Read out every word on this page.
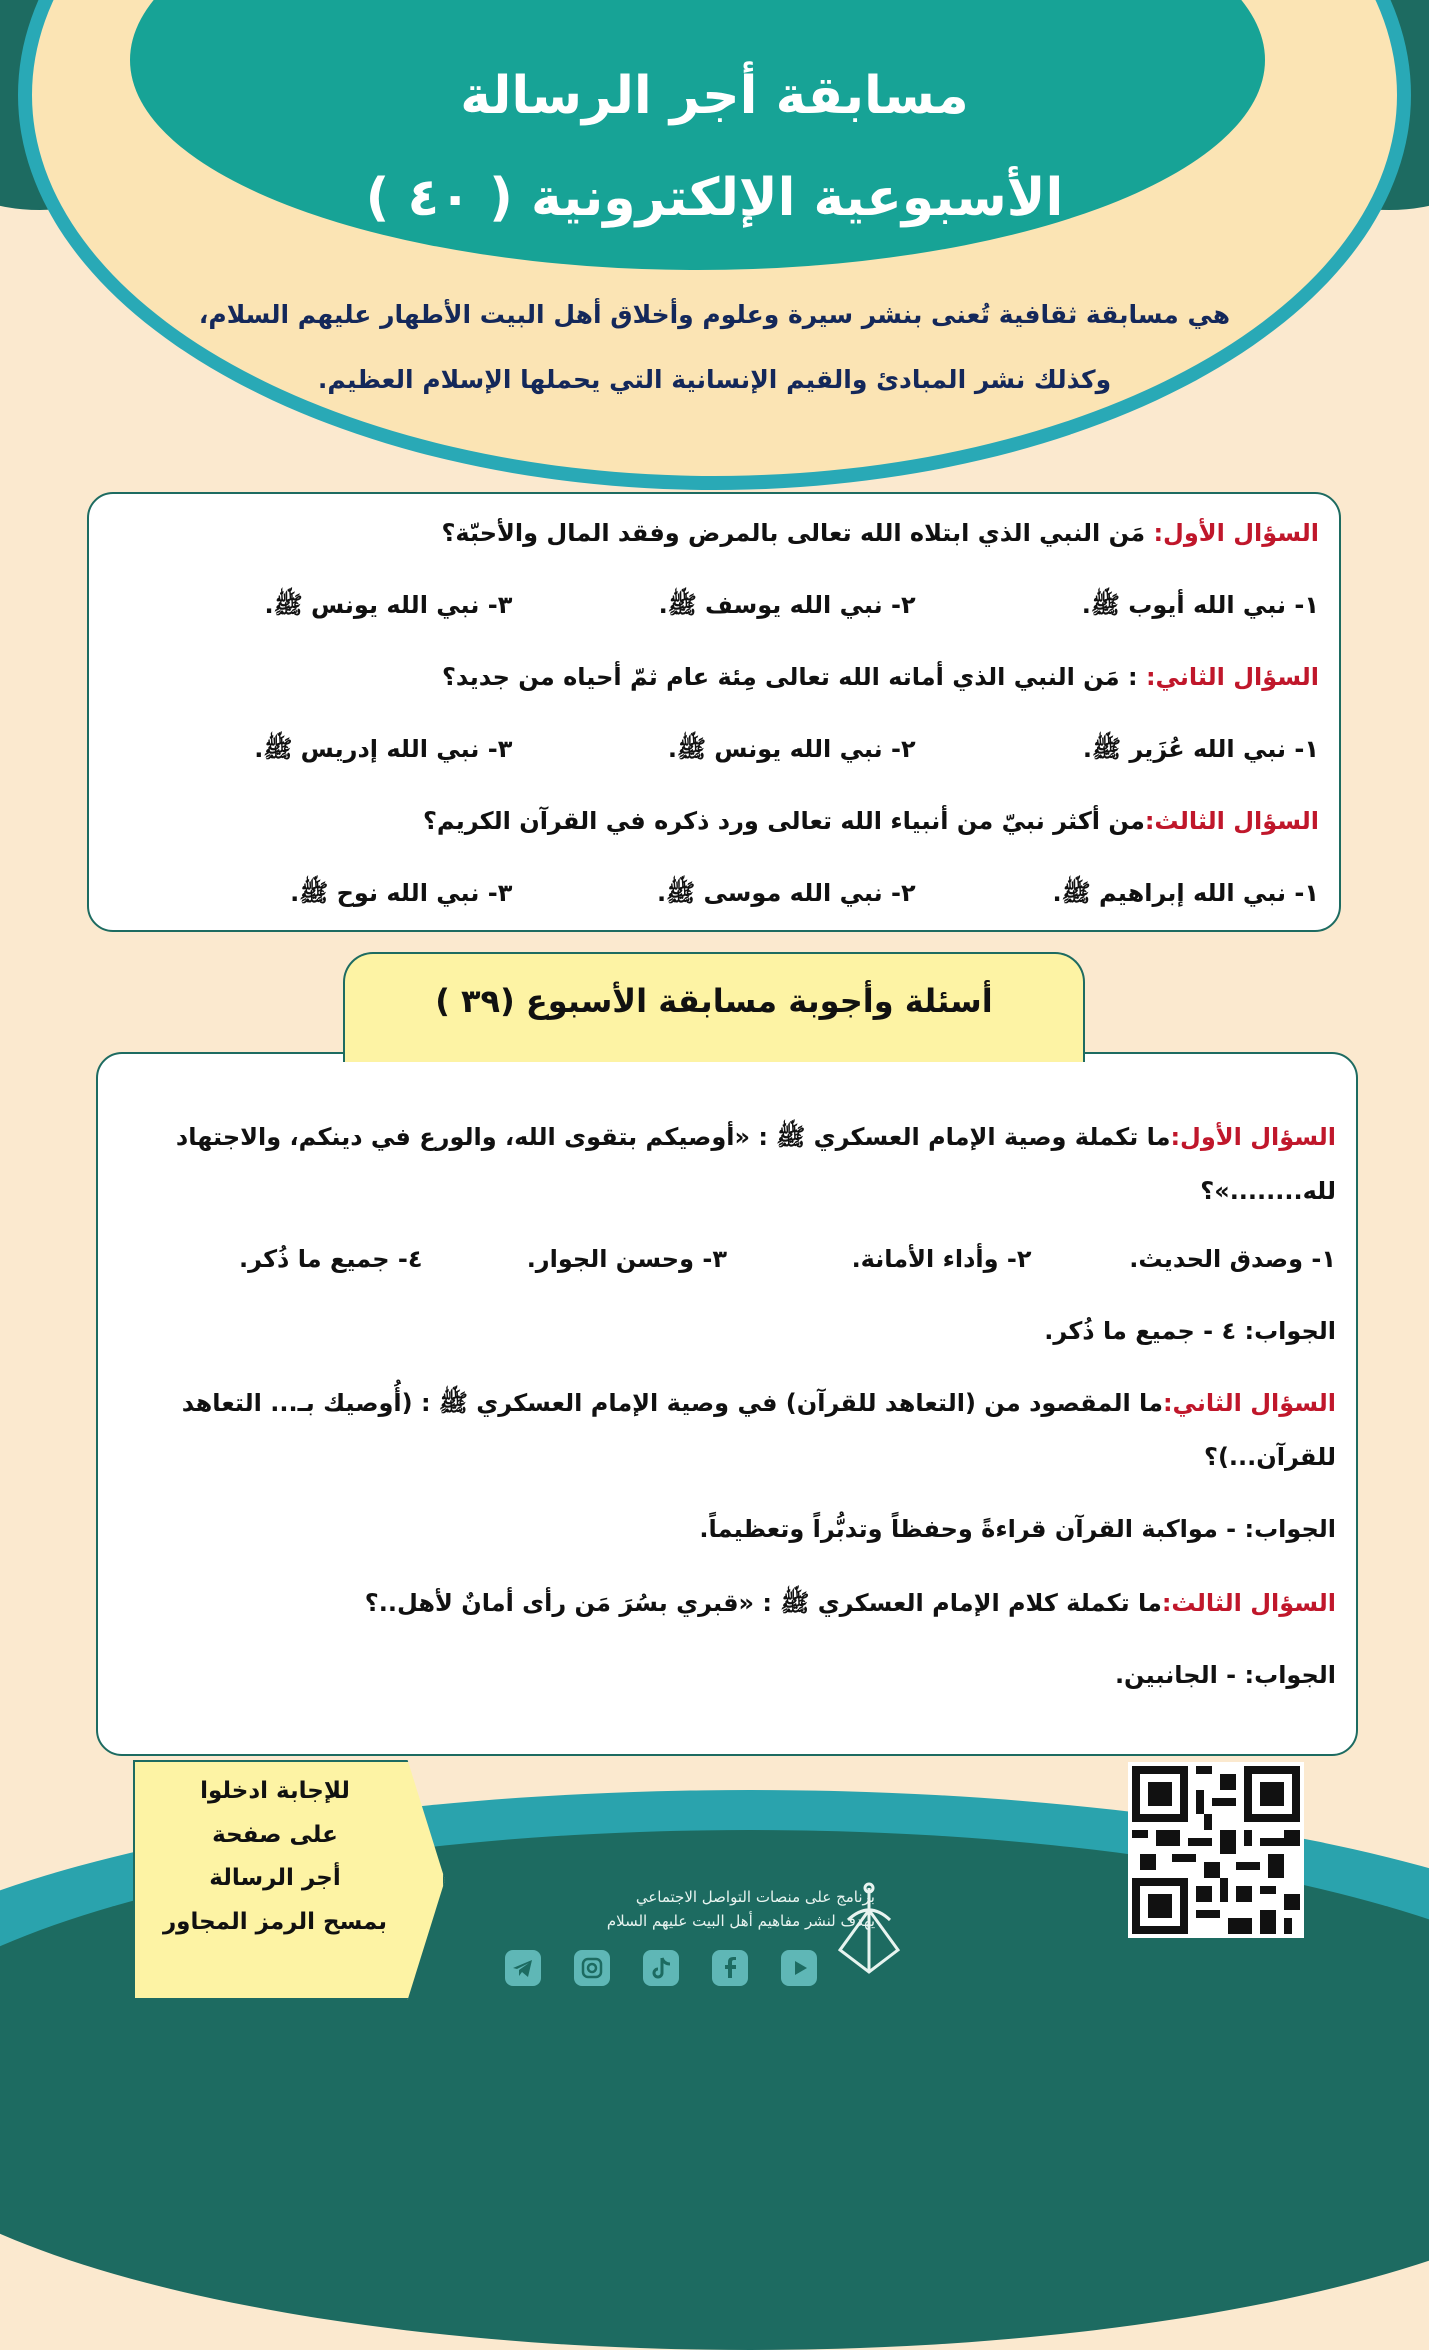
مسابقة أجر الرسالة
الأسبوعية الإلكترونية ( ٤٠ )
هي مسابقة ثقافية تُعنى بنشر سيرة وعلوم وأخلاق أهل البيت الأطهار عليهم السلام،
وكذلك نشر المبادئ والقيم الإنسانية التي يحملها الإسلام العظيم.
السؤال الأول: مَن النبي الذي ابتلاه الله تعالى بالمرض وفقد المال والأحبّة؟
١- نبي الله أيوب ﷺ.
٢- نبي الله يوسف ﷺ.
٣- نبي الله يونس ﷺ.
السؤال الثاني: : مَن النبي الذي أماته الله تعالى مِئة عام ثمّ أحياه من جديد؟
١- نبي الله عُزَير ﷺ.
٢- نبي الله يونس ﷺ.
٣- نبي الله إدريس ﷺ.
السؤال الثالث:من أكثر نبيّ من أنبياء الله تعالى ورد ذكره في القرآن الكريم؟
١- نبي الله إبراهيم ﷺ.
٢- نبي الله موسى ﷺ.
٣- نبي الله نوح ﷺ.
السؤال الأول:ما تكملة وصية الإمام العسكري ﷺ : «أوصيكم بتقوى الله، والورع في دينكم، والاجتهاد
لله........»؟
١- وصدق الحديث.
٢- وأداء الأمانة.
٣- وحسن الجوار.
٤- جميع ما ذُكر.
الجواب: ٤ - جميع ما ذُكر.
السؤال الثاني:ما المقصود من (التعاهد للقرآن) في وصية الإمام العسكري ﷺ : (أُوصيك بـ... التعاهد
للقرآن...)؟
الجواب: - مواكبة القرآن قراءةً وحفظاً وتدبُّراً وتعظيماً.
السؤال الثالث:ما تكملة كلام الإمام العسكري ﷺ : «قبري بسُرَ مَن رأى أمانٌ لأهل..؟
الجواب: - الجانبين.
أسئلة وأجوبة مسابقة الأسبوع (٣٩ )
للإجابة ادخلوا
على صفحة
أجر الرسالة
بمسح الرمز المجاور
برنامج على منصات التواصل الاجتماعي
يهدف لنشر مفاهيم أهل البيت عليهم السلام
